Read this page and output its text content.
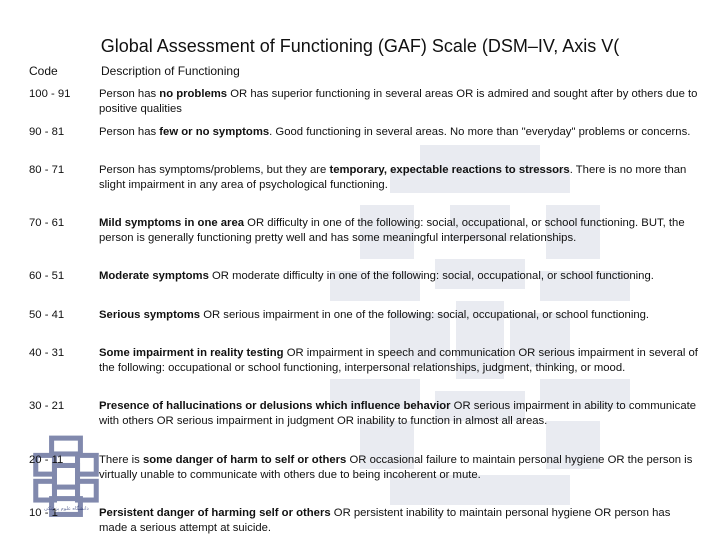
دانشگاه علوم پزشکی
Global Assessment of Functioning (GAF) Scale (DSM–IV, Axis V(
Code	Description of Functioning
100 - 91	Person has no problems OR has superior functioning in several areas OR is admired and sought after by others due to positive qualities
90 - 81	Person has few or no symptoms. Good functioning in several areas. No more than "everyday" problems or concerns.
80 - 71	Person has symptoms/problems, but they are temporary, expectable reactions to stressors. There is no more than slight impairment in any area of psychological functioning.
70 - 61	Mild symptoms in one area OR difficulty in one of the following: social, occupational, or school functioning. BUT, the person is generally functioning pretty well and has some meaningful interpersonal relationships.
60 - 51	Moderate symptoms OR moderate difficulty in one of the following: social, occupational, or school functioning.
50 - 41	Serious symptoms OR serious impairment in one of the following: social, occupational, or school functioning.
40 - 31	Some impairment in reality testing OR impairment in speech and communication OR serious impairment in several of the following: occupational or school functioning, interpersonal relationships, judgment, thinking, or mood.
30 - 21	Presence of hallucinations or delusions which influence behavior OR serious impairment in ability to communicate with others OR serious impairment in judgment OR inability to function in almost all areas.
20 - 11	There is some danger of harm to self or others OR occasional failure to maintain personal hygiene OR the person is virtually unable to communicate with others due to being incoherent or mute.
10 - 1	Persistent danger of harming self or others OR persistent inability to maintain personal hygiene OR person has made a serious attempt at suicide.
